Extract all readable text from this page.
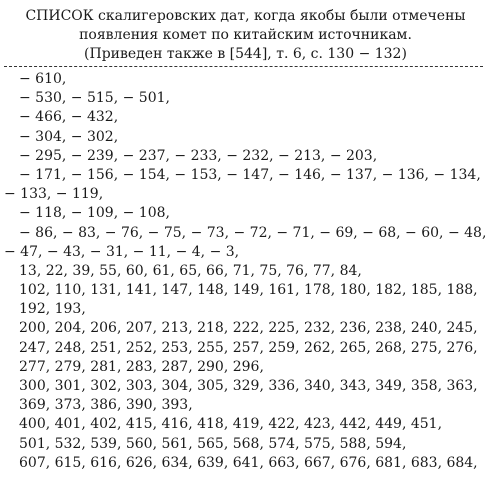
СПИСОК скалигеровских дат, когда якобы были отмечены
появления комет по китайским источникам.
(Приведен также в [544], т. 6, с. 130 − 132)
− 610,
− 530, − 515, − 501,
− 466, − 432,
− 304, − 302,
− 295, − 239, − 237, − 233, − 232, − 213, − 203,
− 171, − 156, − 154, − 153, − 147, − 146, − 137, − 136, − 134,
− 133, − 119,
− 118, − 109, − 108,
− 86, − 83, − 76, − 75, − 73, − 72, − 71, − 69, − 68, − 60, − 48,
− 47, − 43, − 31, − 11, − 4, − 3,
13, 22, 39, 55, 60, 61, 65, 66, 71, 75, 76, 77, 84,
102, 110, 131, 141, 147, 148, 149, 161, 178, 180, 182, 185, 188,
192, 193,
200, 204, 206, 207, 213, 218, 222, 225, 232, 236, 238, 240, 245,
247, 248, 251, 252, 253, 255, 257, 259, 262, 265, 268, 275, 276,
277, 279, 281, 283, 287, 290, 296,
300, 301, 302, 303, 304, 305, 329, 336, 340, 343, 349, 358, 363,
369, 373, 386, 390, 393,
400, 401, 402, 415, 416, 418, 419, 422, 423, 442, 449, 451,
501, 532, 539, 560, 561, 565, 568, 574, 575, 588, 594,
607, 615, 616, 626, 634, 639, 641, 663, 667, 676, 681, 683, 684,
